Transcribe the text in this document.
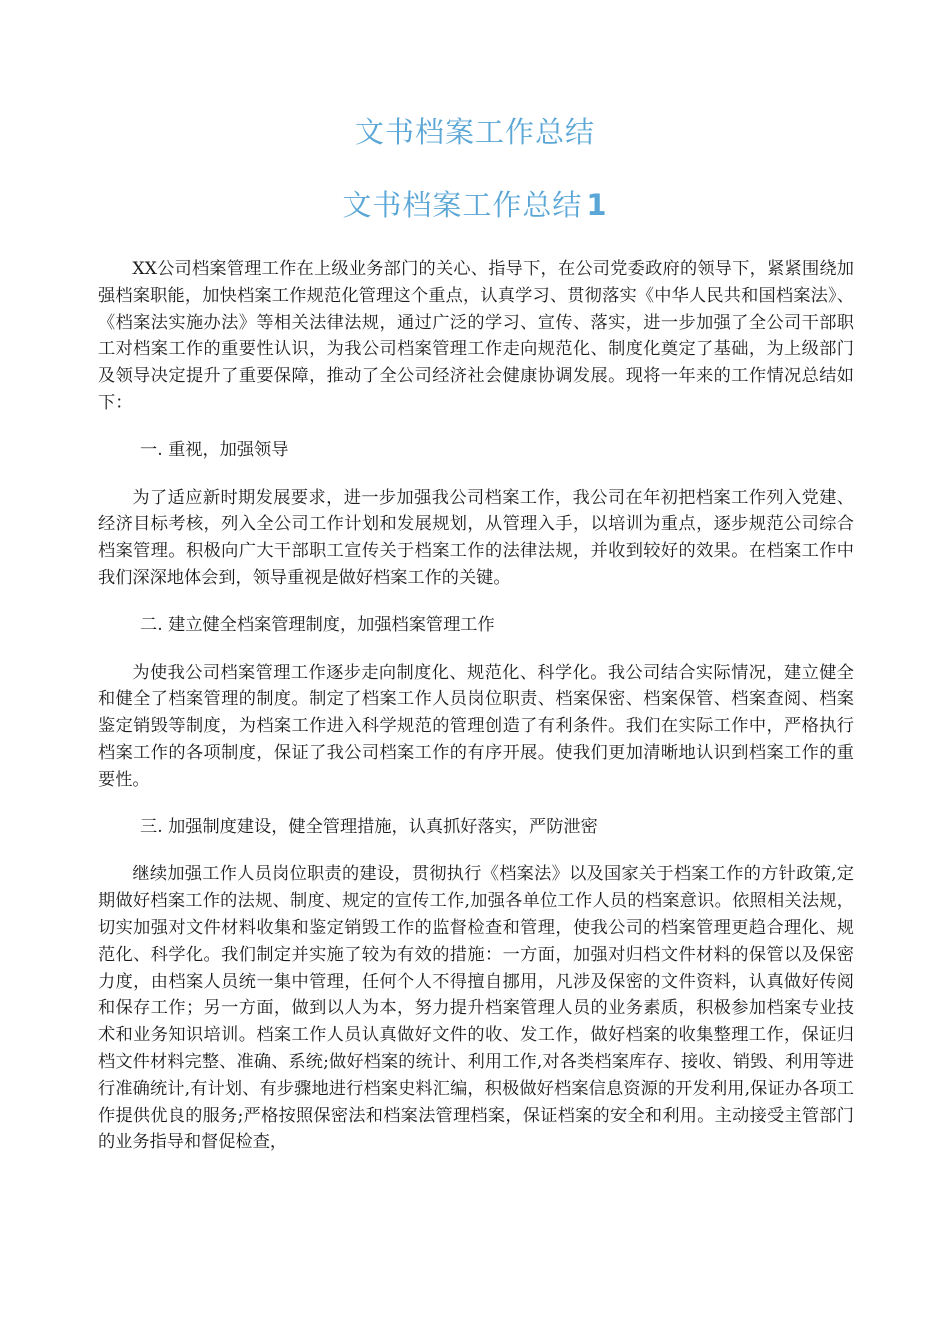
文书档案工作总结
文书档案工作总结 1

XX公司档案管理工作在上级业务部门的关心、指导下，在公司党委政府的领导下，紧紧围绕加强档案职能，加快档案工作规范化管理这个重点，认真学习、贯彻落实《中华人民共和国档案法》、《档案法实施办法》等相关法律法规，通过广泛的学习、宣传、落实，进一步加强了全公司干部职工对档案工作的重要性认识，为我公司档案管理工作走向规范化、制度化奠定了基础，为上级部门及领导决定提升了重要保障，推动了全公司经济社会健康协调发展。现将一年来的工作情况总结如下：

一. 重视，加强领导

为了适应新时期发展要求，进一步加强我公司档案工作，我公司在年初把档案工作列入党建、经济目标考核，列入全公司工作计划和发展规划，从管理入手，以培训为重点，逐步规范公司综合档案管理。积极向广大干部职工宣传关于档案工作的法律法规，并收到较好的效果。在档案工作中我们深深地体会到，领导重视是做好档案工作的关键。

二. 建立健全档案管理制度，加强档案管理工作

为使我公司档案管理工作逐步走向制度化、规范化、科学化。我公司结合实际情况，建立健全和健全了档案管理的制度。制定了档案工作人员岗位职责、档案保密、档案保管、档案查阅、档案鉴定销毁等制度，为档案工作进入科学规范的管理创造了有利条件。我们在实际工作中，严格执行档案工作的各项制度，保证了我公司档案工作的有序开展。使我们更加清晰地认识到档案工作的重要性。

三. 加强制度建设，健全管理措施，认真抓好落实，严防泄密

继续加强工作人员岗位职责的建设，贯彻执行《档案法》以及国家关于档案工作的方针政策,定期做好档案工作的法规、制度、规定的宣传工作,加强各单位工作人员的档案意识。依照相关法规，切实加强对文件材料收集和鉴定销毁工作的监督检查和管理，使我公司的档案管理更趋合理化、规范化、科学化。我们制定并实施了较为有效的措施：一方面，加强对归档文件材料的保管以及保密力度，由档案人员统一集中管理，任何个人不得擅自挪用，凡涉及保密的文件资料，认真做好传阅和保存工作；另一方面，做到以人为本，努力提升档案管理人员的业务素质，积极参加档案专业技术和业务知识培训。档案工作人员认真做好文件的收、发工作，做好档案的收集整理工作，保证归档文件材料完整、准确、系统;做好档案的统计、利用工作,对各类档案库存、接收、销毁、利用等进行准确统计,有计划、有步骤地进行档案史料汇编，积极做好档案信息资源的开发利用,保证办各项工作提供优良的服务;严格按照保密法和档案法管理档案，保证档案的安全和利用。主动接受主管部门的业务指导和督促检查，
